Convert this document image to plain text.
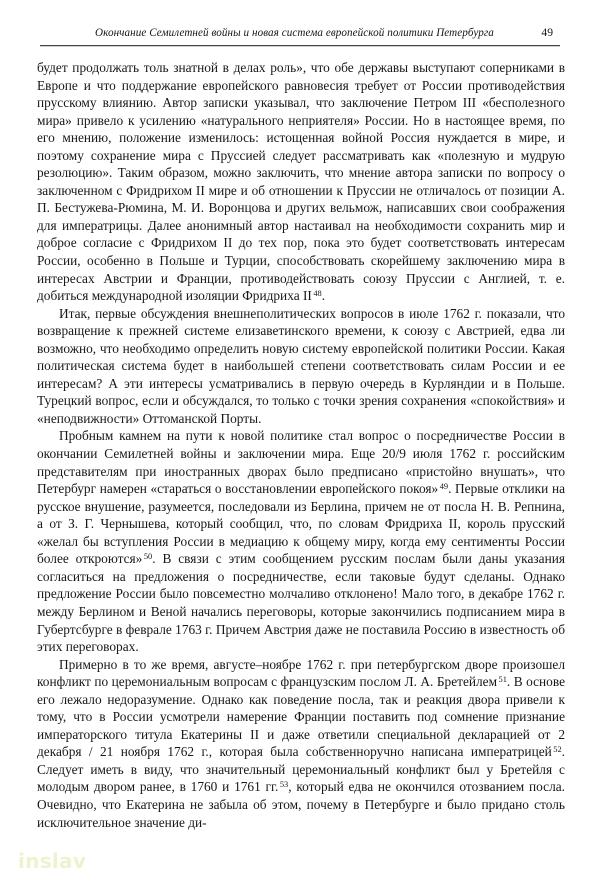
Окончание Семилетней войны и новая система европейской политики Петербурга	49

будет продолжать толь знатной в делах роль», что обе державы выступают соперниками в Европе и что поддержание европейского равновесия требует от России противодействия прусскому влиянию. Автор записки указывал, что заключение Петром III «бесполезного мира» привело к усилению «натурального неприятеля» России. Но в настоящее время, по его мнению, положение изменилось: истощенная войной Россия нуждается в мире, и поэтому сохранение мира с Пруссией следует рассматривать как «полезную и мудрую резолюцию». Таким образом, можно заключить, что мнение автора записки по вопросу о заключенном с Фридрихом II мире и об отношении к Пруссии не отличалось от позиции А. П. Бестужева-Рюмина, М. И. Воронцова и других вельмож, написавших свои соображения для императрицы. Далее анонимный автор настаивал на необходимости сохранить мир и доброе согласие с Фридрихом II до тех пор, пока это будет соответствовать интересам России, особенно в Польше и Турции, способствовать скорейшему заключению мира в интересах Австрии и Франции, противодействовать союзу Пруссии с Англией, т. е. добиться международной изоляции Фридриха II $^{48}$.

Итак, первые обсуждения внешнеполитических вопросов в июле 1762 г. показали, что возвращение к прежней системе елизаветинского времени, к союзу с Австрией, едва ли возможно, что необходимо определить новую систему европейской политики России. Какая политическая система будет в наибольшей степени соответствовать силам России и ее интересам? А эти интересы усматривались в первую очередь в Курляндии и в Польше. Турецкий вопрос, если и обсуждался, то только с точки зрения сохранения «спокойствия» и «неподвижности» Оттоманской Порты.

Пробным камнем на пути к новой политике стал вопрос о посредничестве России в окончании Семилетней войны и заключении мира. Еще 20/9 июля 1762 г. российским представителям при иностранных дворах было предписано «пристойно внушать», что Петербург намерен «стараться о восстановлении европейского покоя» $^{49}$. Первые отклики на русское внушение, разумеется, последовали из Берлина, причем не от посла Н. В. Репнина, а от З. Г. Чернышева, который сообщил, что, по словам Фридриха II, король прусский «желал бы вступления России в медиацию к общему миру, когда ему сентименты России более откроются» $^{50}$. В связи с этим сообщением русским послам были даны указания согласиться на предложения о посредничестве, если таковые будут сделаны. Однако предложение России было повсеместно молчаливо отклонено! Мало того, в декабре 1762 г. между Берлином и Веной начались переговоры, которые закончились подписанием мира в Губертсбурге в феврале 1763 г. Причем Австрия даже не поставила Россию в известность об этих переговорах.

Примерно в то же время, августе–ноябре 1762 г. при петербургском дворе произошел конфликт по церемониальным вопросам с французским послом Л. А. Бретейлем $^{51}$. В основе его лежало недоразумение. Однако как поведение посла, так и реакция двора привели к тому, что в России усмотрели намерение Франции поставить под сомнение признание императорского титула Екатерины II и даже ответили специальной декларацией от 2 декабря / 21 ноября 1762 г., которая была собственноручно написана императрицей $^{52}$. Следует иметь в виду, что значительный церемониальный конфликт был у Бретейля с молодым двором ранее, в 1760 и 1761 гг. $^{53}$, который едва не окончился отозванием посла. Очевидно, что Екатерина не забыла об этом, почему в Петербурге и было придано столь исключительное значение ди-

inslav
